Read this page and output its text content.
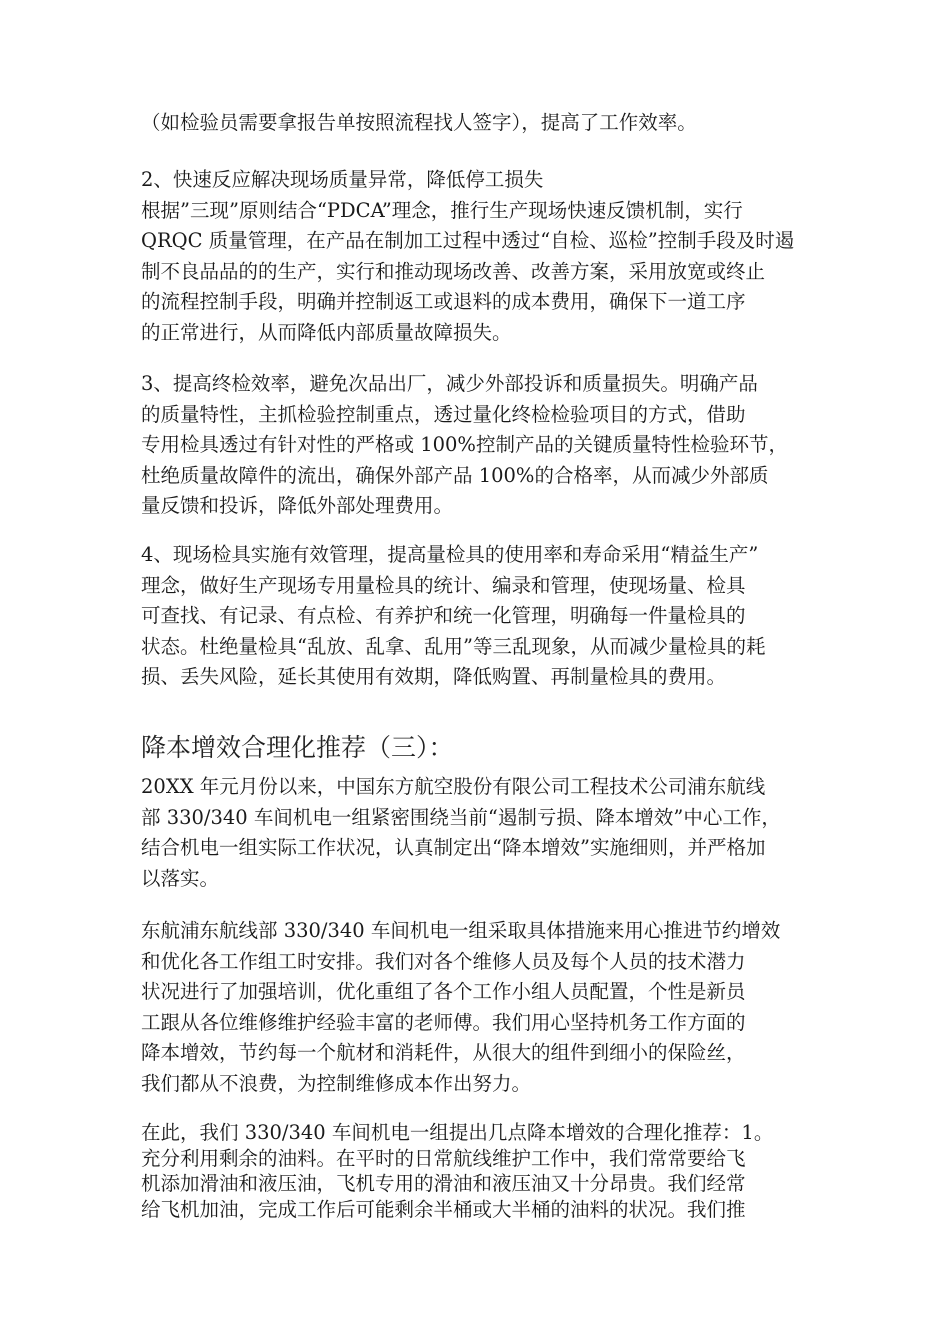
（如检验员需要拿报告单按照流程找人签字），提高了工作效率。

2、快速反应解决现场质量异常，降低停工损失
根据”三现”原则结合“PDCA”理念，推行生产现场快速反馈机制，实行
QRQC 质量管理，在产品在制加工过程中透过“自检、巡检”控制手段及时遏
制不良品品的的生产，实行和推动现场改善、改善方案，采用放宽或终止
的流程控制手段，明确并控制返工或退料的成本费用，确保下一道工序
的正常进行，从而降低内部质量故障损失。

3、提高终检效率，避免次品出厂，减少外部投诉和质量损失。明确产品
的质量特性，主抓检验控制重点，透过量化终检检验项目的方式，借助
专用检具透过有针对性的严格或 100%控制产品的关键质量特性检验环节，
杜绝质量故障件的流出，确保外部产品 100%的合格率，从而减少外部质
量反馈和投诉，降低外部处理费用。

4、现场检具实施有效管理，提高量检具的使用率和寿命采用“精益生产”
理念，做好生产现场专用量检具的统计、编录和管理，使现场量、检具
可查找、有记录、有点检、有养护和统一化管理，明确每一件量检具的
状态。杜绝量检具“乱放、乱拿、乱用”等三乱现象，从而减少量检具的耗
损、丢失风险，延长其使用有效期，降低购置、再制量检具的费用。

降本增效合理化推荐（三）：

20XX 年元月份以来，中国东方航空股份有限公司工程技术公司浦东航线
部 330/340 车间机电一组紧密围绕当前“遏制亏损、降本增效”中心工作，
结合机电一组实际工作状况，认真制定出“降本增效”实施细则，并严格加
以落实。

东航浦东航线部 330/340 车间机电一组采取具体措施来用心推进节约增效
和优化各工作组工时安排。我们对各个维修人员及每个人员的技术潜力
状况进行了加强培训，优化重组了各个工作小组人员配置，个性是新员
工跟从各位维修维护经验丰富的老师傅。我们用心坚持机务工作方面的
降本增效，节约每一个航材和消耗件，从很大的组件到细小的保险丝，
我们都从不浪费，为控制维修成本作出努力。

在此，我们 330/340 车间机电一组提出几点降本增效的合理化推荐：1。
充分利用剩余的油料。在平时的日常航线维护工作中，我们常常要给飞
机添加滑油和液压油，飞机专用的滑油和液压油又十分昂贵。我们经常
给飞机加油，完成工作后可能剩余半桶或大半桶的油料的状况。我们推
